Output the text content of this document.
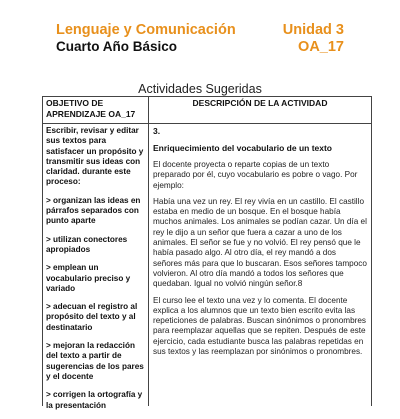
Lenguaje y Comunicación
Cuarto Año Básico
Unidad 3
OA_17
Actividades Sugeridas
OBJETIVO DE APRENDIZAJE OA_17
DESCRIPCIÓN DE LA ACTIVIDAD

Escribir, revisar y editar sus textos para satisfacer un propósito y transmitir sus ideas con claridad. durante este proceso:

> organizan las ideas en párrafos separados con punto aparte

> utilizan conectores apropiados

> emplean un vocabulario preciso y variado

> adecuan el registro al propósito del texto y al destinatario

> mejoran la redacción del texto a partir de sugerencias de los pares y el docente

> corrigen la ortografía y la presentación

3.
Enriquecimiento del vocabulario de un texto

El docente proyecta o reparte copias de un texto preparado por él, cuyo vocabulario es pobre o vago. Por ejemplo:

Había una vez un rey. El rey vivía en un castillo. El castillo estaba en medio de un bosque. En el bosque había muchos animales. Los animales se podían cazar. Un día el rey le dijo a un señor que fuera a cazar a uno de los animales. El señor se fue y no volvió. El rey pensó que le había pasado algo. Al otro día, el rey mandó a dos señores más para que lo buscaran. Esos señores tampoco volvieron. Al otro día mandó a todos los señores que quedaban. Igual no volvió ningún señor.8

El curso lee el texto una vez y lo comenta. El docente explica a los alumnos que un texto bien escrito evita las repeticiones de palabras. Buscan sinónimos o pronombres para reemplazar aquellas que se repiten. Después de este ejercicio, cada estudiante busca las palabras repetidas en sus textos y las reemplazan por sinónimos o pronombres.
